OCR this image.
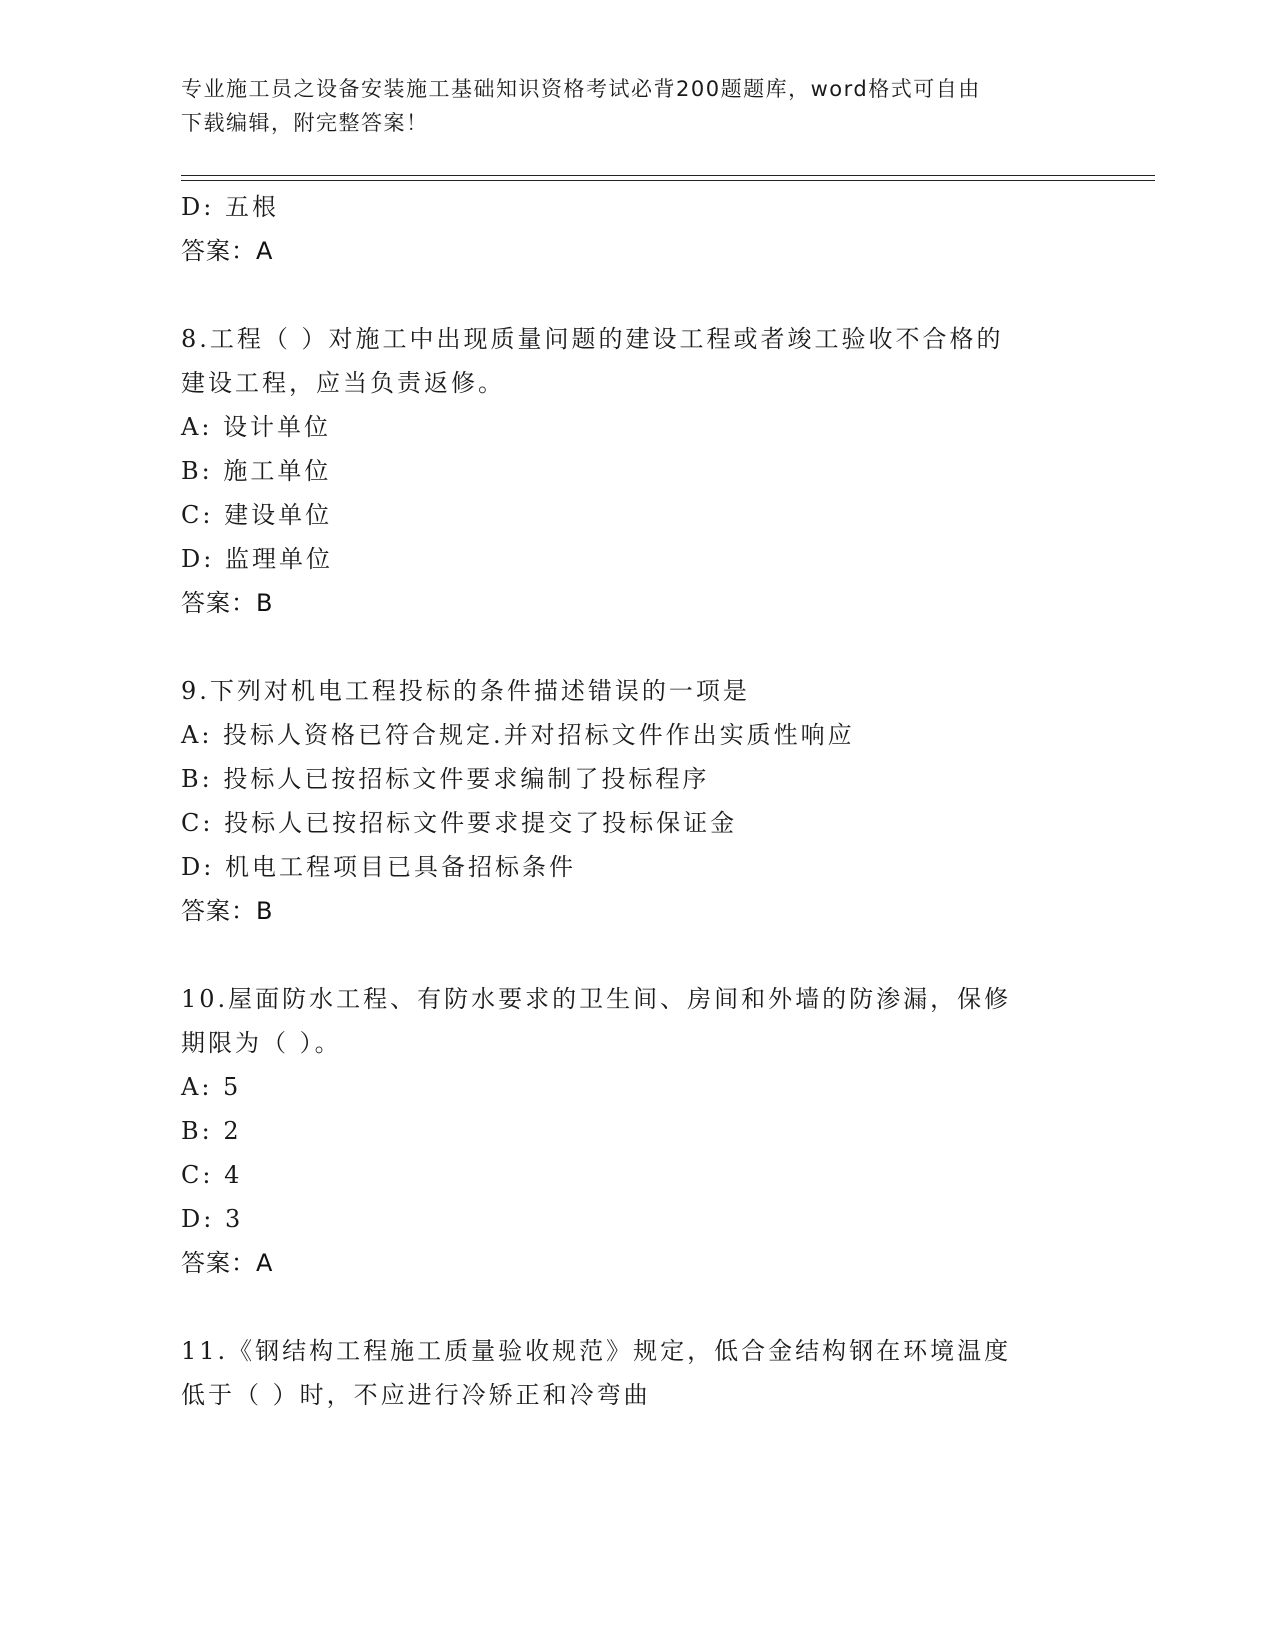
专业施工员之设备安装施工基础知识资格考试必背200题题库，word格式可自由
下载编辑，附完整答案！
D: 五根
答案：A
8.工程（ ）对施工中出现质量问题的建设工程或者竣工验收不合格的
建设工程，应当负责返修。
A: 设计单位
B: 施工单位
C: 建设单位
D: 监理单位
答案：B
9.下列对机电工程投标的条件描述错误的一项是
A: 投标人资格已符合规定.并对招标文件作出实质性响应
B: 投标人已按招标文件要求编制了投标程序
C: 投标人已按招标文件要求提交了投标保证金
D: 机电工程项目已具备招标条件
答案：B
10.屋面防水工程、有防水要求的卫生间、房间和外墙的防渗漏，保修
期限为（ ）。
A: 5
B: 2
C: 4
D: 3
答案：A
11.《钢结构工程施工质量验收规范》规定，低合金结构钢在环境温度
低于（ ）时，不应进行冷矫正和冷弯曲
